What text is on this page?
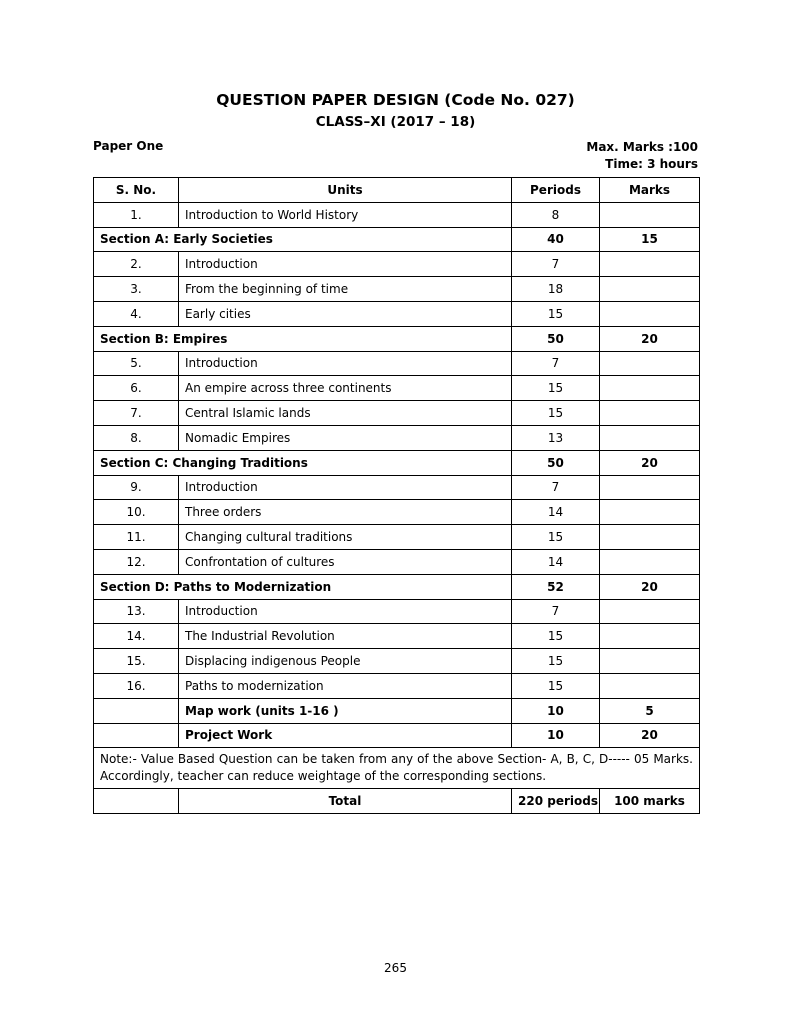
QUESTION PAPER DESIGN (Code No. 027)
CLASS–XI (2017 – 18)
Paper One	Max. Marks :100
Time: 3 hours
S. No.	Units	Periods	Marks
1.	Introduction to World History	8	
Section A: Early Societies		40	15
2.	Introduction	7	
3.	From the beginning of time	18	
4.	Early cities	15	
Section B: Empires		50	20
5.	Introduction	7	
6.	An empire across three continents	15	
7.	Central Islamic lands	15	
8.	Nomadic Empires	13	
Section C: Changing Traditions		50	20
9.	Introduction	7	
10.	Three orders	14	
11.	Changing cultural traditions	15	
12.	Confrontation of cultures	14	
Section D: Paths to Modernization		52	20
13.	Introduction	7	
14.	The Industrial Revolution	15	
15.	Displacing indigenous People	15	
16.	Paths to modernization	15	
	Map work (units 1-16 )	10	5
	Project Work	10	20
Note:- Value Based Question can be taken from any of the above Section- A, B, C, D----- 05 Marks. Accordingly, teacher can reduce weightage of the corresponding sections.			
	Total	220 periods	100 marks
265
